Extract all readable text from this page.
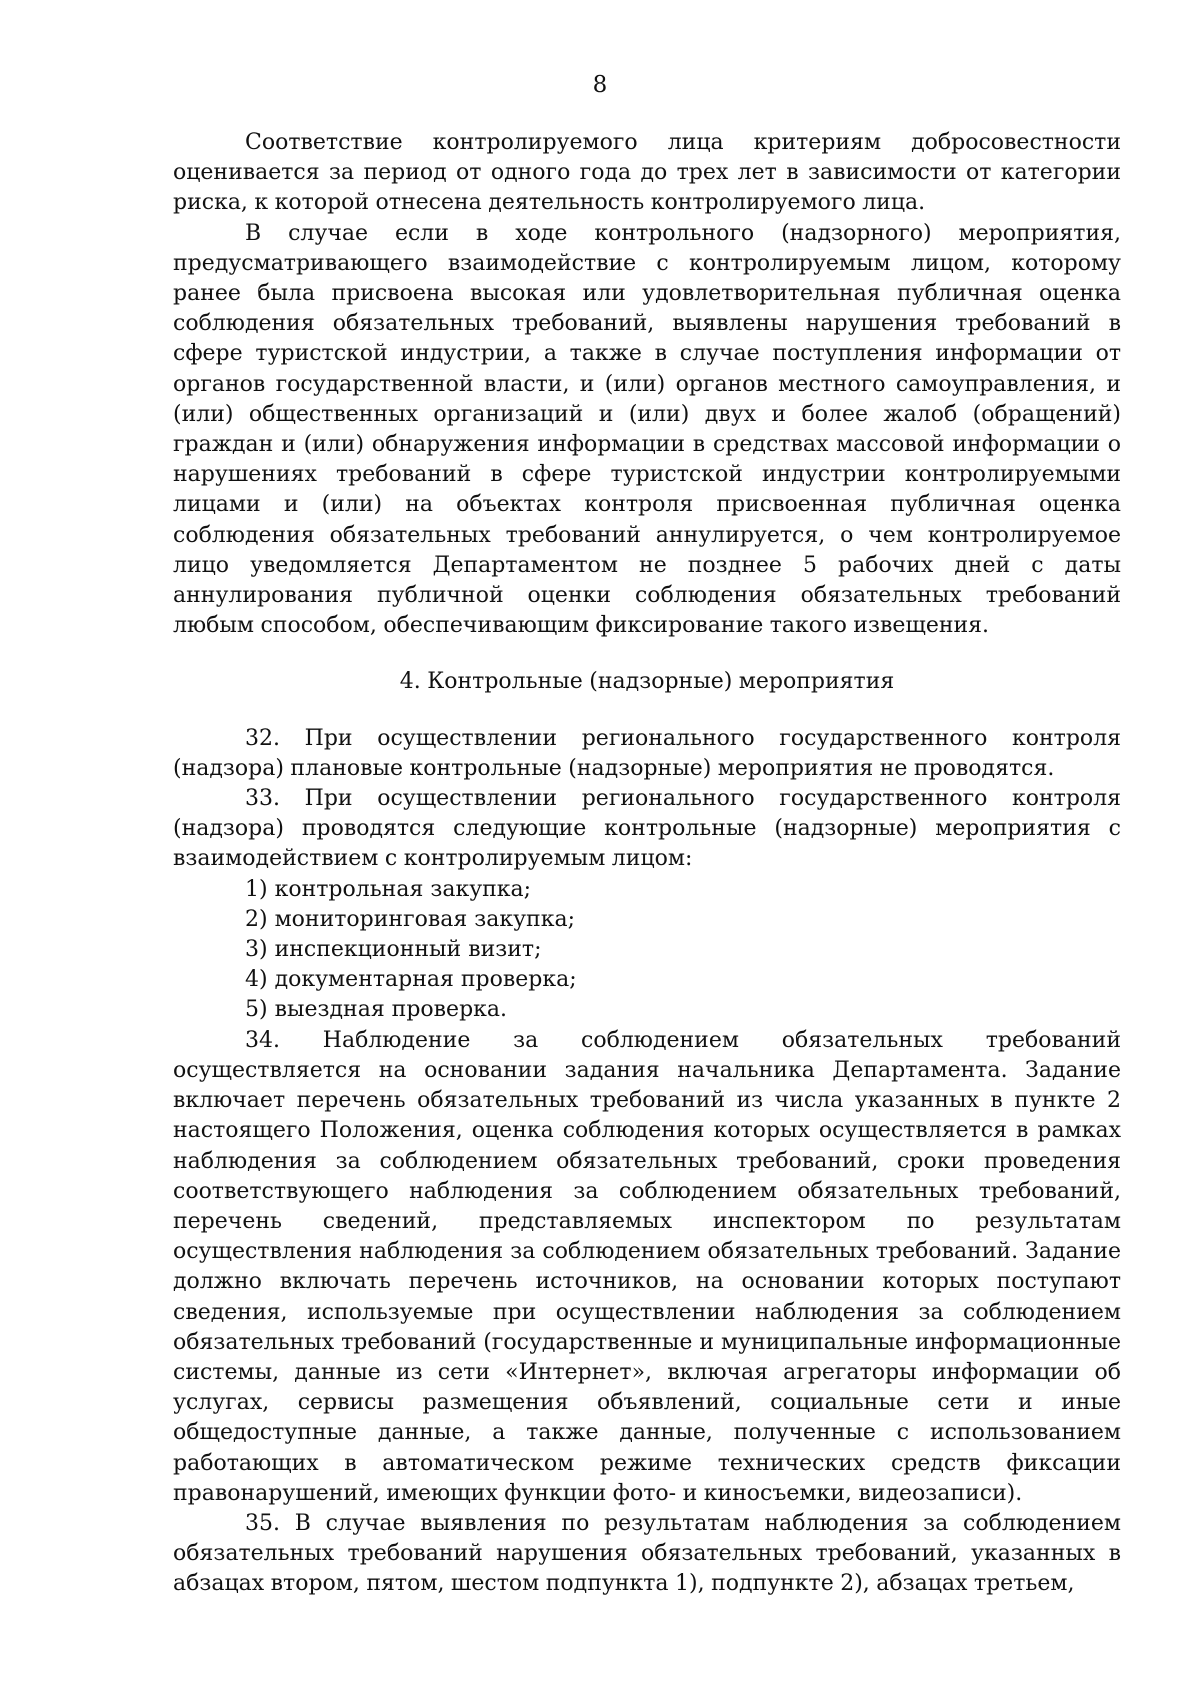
8

Соответствие контролируемого лица критериям добросовестности оценивается за период от одного года до трех лет в зависимости от категории риска, к которой отнесена деятельность контролируемого лица.

В случае если в ходе контрольного (надзорного) мероприятия, предусматривающего взаимодействие с контролируемым лицом, которому ранее была присвоена высокая или удовлетворительная публичная оценка соблюдения обязательных требований, выявлены нарушения требований в сфере туристской индустрии, а также в случае поступления информации от органов государственной власти, и (или) органов местного самоуправления, и (или) общественных организаций и (или) двух и более жалоб (обращений) граждан и (или) обнаружения информации в средствах массовой информации о нарушениях требований в сфере туристской индустрии контролируемыми лицами и (или) на объектах контроля присвоенная публичная оценка соблюдения обязательных требований аннулируется, о чем контролируемое лицо уведомляется Департаментом не позднее 5 рабочих дней с даты аннулирования публичной оценки соблюдения обязательных требований любым способом, обеспечивающим фиксирование такого извещения.

4. Контрольные (надзорные) мероприятия

32. При осуществлении регионального государственного контроля (надзора) плановые контрольные (надзорные) мероприятия не проводятся.

33. При осуществлении регионального государственного контроля (надзора) проводятся следующие контрольные (надзорные) мероприятия с взаимодействием с контролируемым лицом:

1) контрольная закупка;

2) мониторинговая закупка;

3) инспекционный визит;

4) документарная проверка;

5) выездная проверка.

34. Наблюдение за соблюдением обязательных требований осуществляется на основании задания начальника Департамента. Задание включает перечень обязательных требований из числа указанных в пункте 2 настоящего Положения, оценка соблюдения которых осуществляется в рамках наблюдения за соблюдением обязательных требований, сроки проведения соответствующего наблюдения за соблюдением обязательных требований, перечень сведений, представляемых инспектором по результатам осуществления наблюдения за соблюдением обязательных требований. Задание должно включать перечень источников, на основании которых поступают сведения, используемые при осуществлении наблюдения за соблюдением обязательных требований (государственные и муниципальные информационные системы, данные из сети «Интернет», включая агрегаторы информации об услугах, сервисы размещения объявлений, социальные сети и иные общедоступные данные, а также данные, полученные с использованием работающих в автоматическом режиме технических средств фиксации правонарушений, имеющих функции фото- и киносъемки, видеозаписи).

35. В случае выявления по результатам наблюдения за соблюдением обязательных требований нарушения обязательных требований, указанных в абзацах втором, пятом, шестом подпункта 1), подпункте 2), абзацах третьем,
